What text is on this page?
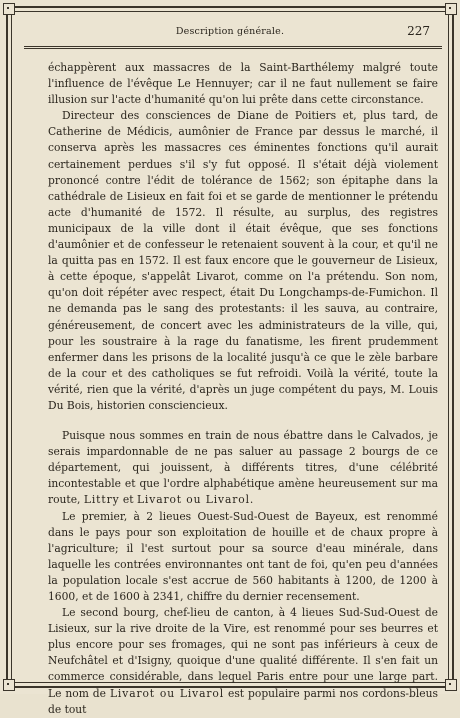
Description générale.	227

échappèrent aux massacres de la Saint-Barthélemy malgré toute l'influence de l'évêque Le Hennuyer; car il ne faut nullement se faire illusion sur l'acte d'humanité qu'on lui prête dans cette circonstance.

Directeur des consciences de Diane de Poitiers et, plus tard, de Catherine de Médicis, aumônier de France par dessus le marché, il conserva après les massacres ces éminentes fonctions qu'il aurait certainement perdues s'il s'y fut opposé. Il s'était déjà violement prononcé contre l'édit de tolérance de 1562; son épitaphe dans la cathédrale de Lisieux en fait foi et se garde de mentionner le prétendu acte d'humanité de 1572. Il résulte, au surplus, des registres municipaux de la ville dont il était évêque, que ses fonctions d'aumônier et de confesseur le retenaient souvent à la cour, et qu'il ne la quitta pas en 1572. Il est faux encore que le gouverneur de Lisieux, à cette époque, s'appelât Livarot, comme on l'a prétendu. Son nom, qu'on doit répéter avec respect, était Du Longchamps-de-Fumichon. Il ne demanda pas le sang des protestants: il les sauva, au contraire, généreusement, de concert avec les administrateurs de la ville, qui, pour les soustraire à la rage du fanatisme, les firent prudemment enfermer dans les prisons de la localité jusqu'à ce que le zèle barbare de la cour et des catholiques se fut refroidi. Voilà la vérité, toute la vérité, rien que la vérité, d'après un juge compétent du pays, M. Louis Du Bois, historien consciencieux.

Puisque nous sommes en train de nous ébattre dans le Calvados, je serais impardonnable de ne pas saluer au passage 2 bourgs de ce département, qui jouissent, à différents titres, d'une célébrité incontestable et que l'ordre alphabétique amène heureusement sur ma route, Littry et Livarot ou Livarol.

Le premier, à 2 lieues Ouest-Sud-Ouest de Bayeux, est renommé dans le pays pour son exploitation de houille et de chaux propre à l'agriculture; il l'est surtout pour sa source d'eau minérale, dans laquelle les contrées environnantes ont tant de foi, qu'en peu d'années la population locale s'est accrue de 560 habitants à 1200, de 1200 à 1600, et de 1600 à 2341, chiffre du dernier recensement.

Le second bourg, chef-lieu de canton, à 4 lieues Sud-Sud-Ouest de Lisieux, sur la rive droite de la Vire, est renommé pour ses beurres et plus encore pour ses fromages, qui ne sont pas inférieurs à ceux de Neufchâtel et d'Isigny, quoique d'une qualité différente. Il s'en fait un commerce considérable, dans lequel Paris entre pour une large part. Le nom de Livarot ou Livarol est populaire parmi nos cordons-bleus de tout
